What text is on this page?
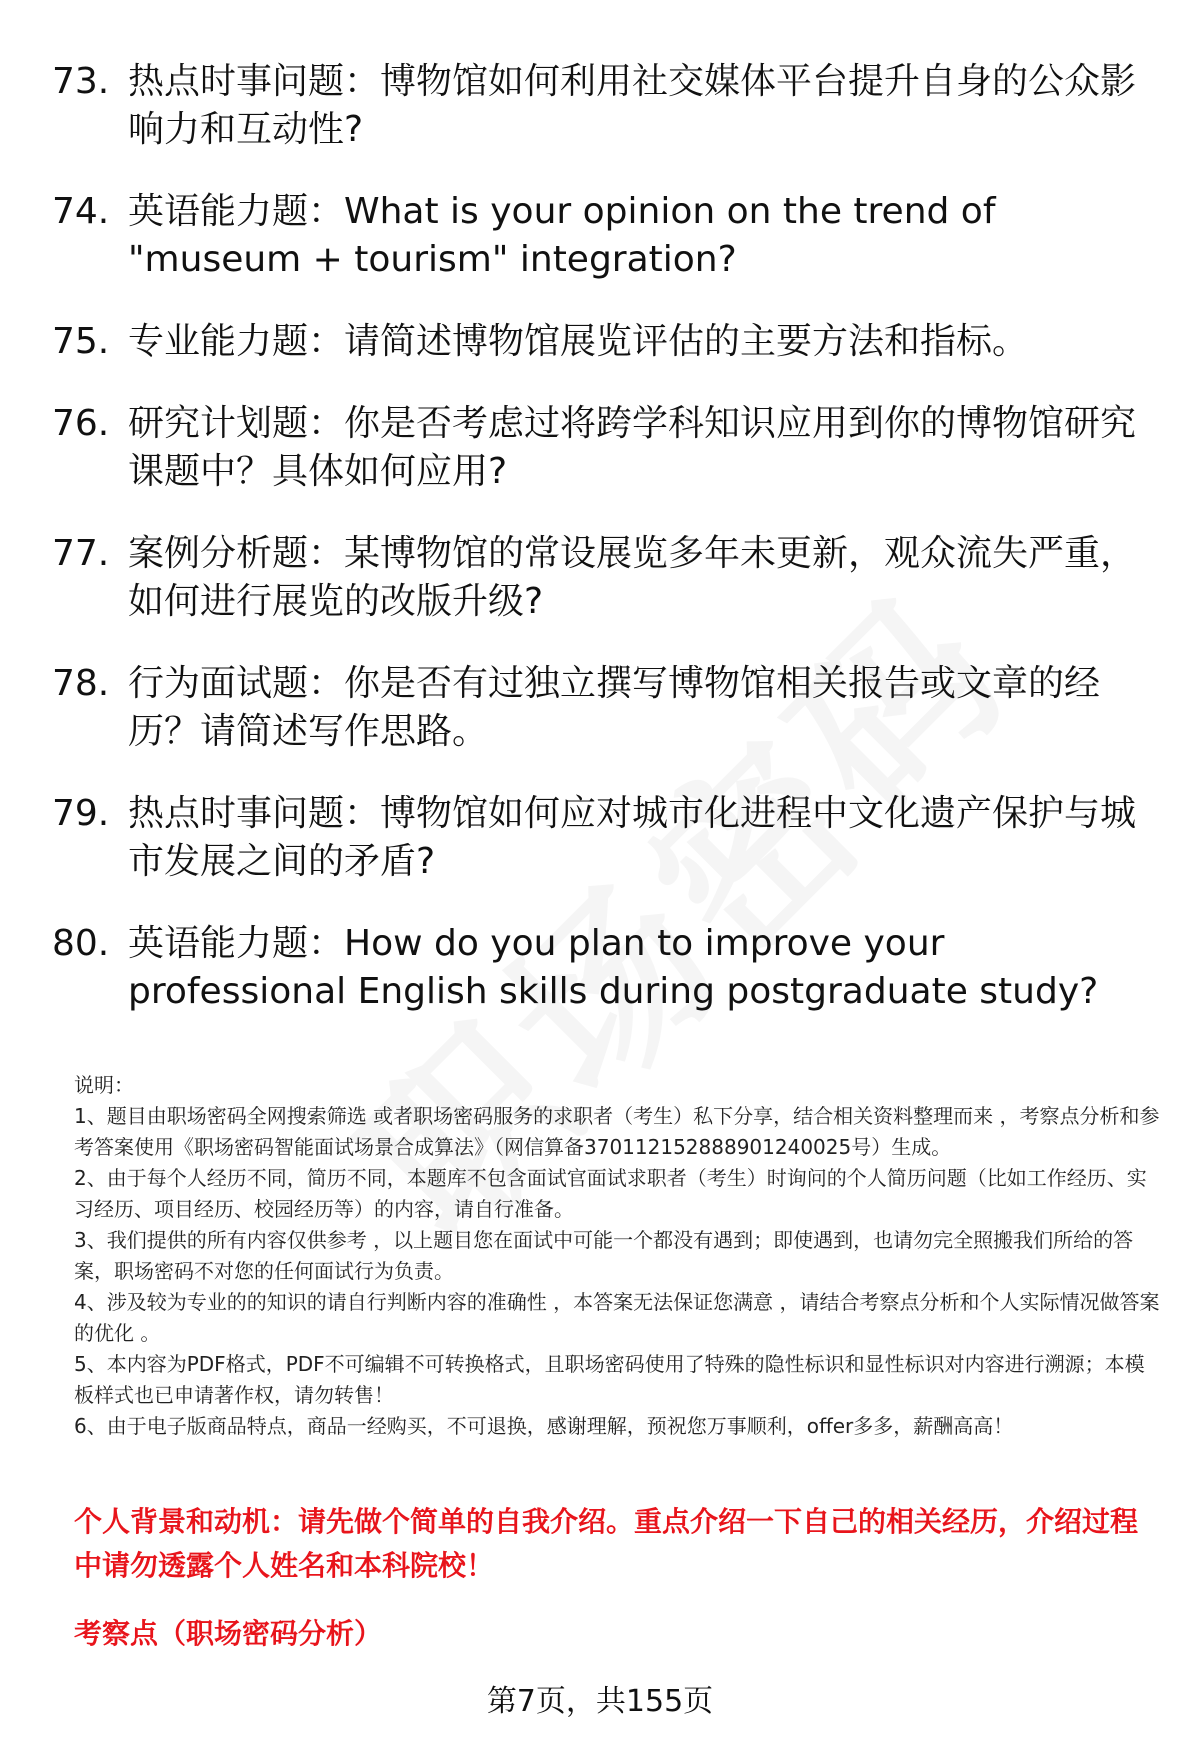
73. 热点时事问题：博物馆如何利用社交媒体平台提升自身的公众影响力和互动性?
74. 英语能力题：What is your opinion on the trend of "museum + tourism" integration?
75. 专业能力题：请简述博物馆展览评估的主要方法和指标。
76. 研究计划题：你是否考虑过将跨学科知识应用到你的博物馆研究课题中？具体如何应用?
77. 案例分析题：某博物馆的常设展览多年未更新，观众流失严重，如何进行展览的改版升级?
78. 行为面试题：你是否有过独立撰写博物馆相关报告或文章的经历？请简述写作思路。
79. 热点时事问题：博物馆如何应对城市化进程中文化遗产保护与城市发展之间的矛盾?
80. 英语能力题：How do you plan to improve your professional English skills during postgraduate study?
说明：
1、题目由职场密码全网搜索筛选 或者职场密码服务的求职者（考生）私下分享，结合相关资料整理而来 ，考察点分析和参考答案使用《职场密码智能面试场景合成算法》（网信算备370112152888901240025号）生成。
2、由于每个人经历不同，简历不同，本题库不包含面试官面试求职者（考生）时询问的个人简历问题（比如工作经历、实习经历、项目经历、校园经历等）的内容，请自行准备。
3、我们提供的所有内容仅供参考 ，以上题目您在面试中可能一个都没有遇到；即使遇到，也请勿完全照搬我们所给的答案，职场密码不对您的任何面试行为负责。
4、涉及较为专业的的知识的请自行判断内容的准确性 ，本答案无法保证您满意 ，请结合考察点分析和个人实际情况做答案的优化 。
5、本内容为PDF格式，PDF不可编辑不可转换格式，且职场密码使用了特殊的隐性标识和显性标识对内容进行溯源；本模板样式也已申请著作权，请勿转售！
6、由于电子版商品特点，商品一经购买，不可退换，感谢理解，预祝您万事顺利，offer多多，薪酬高高！
个人背景和动机：请先做个简单的自我介绍。重点介绍一下自己的相关经历，介绍过程中请勿透露个人姓名和本科院校！
考察点（职场密码分析）
第7页，共155页
